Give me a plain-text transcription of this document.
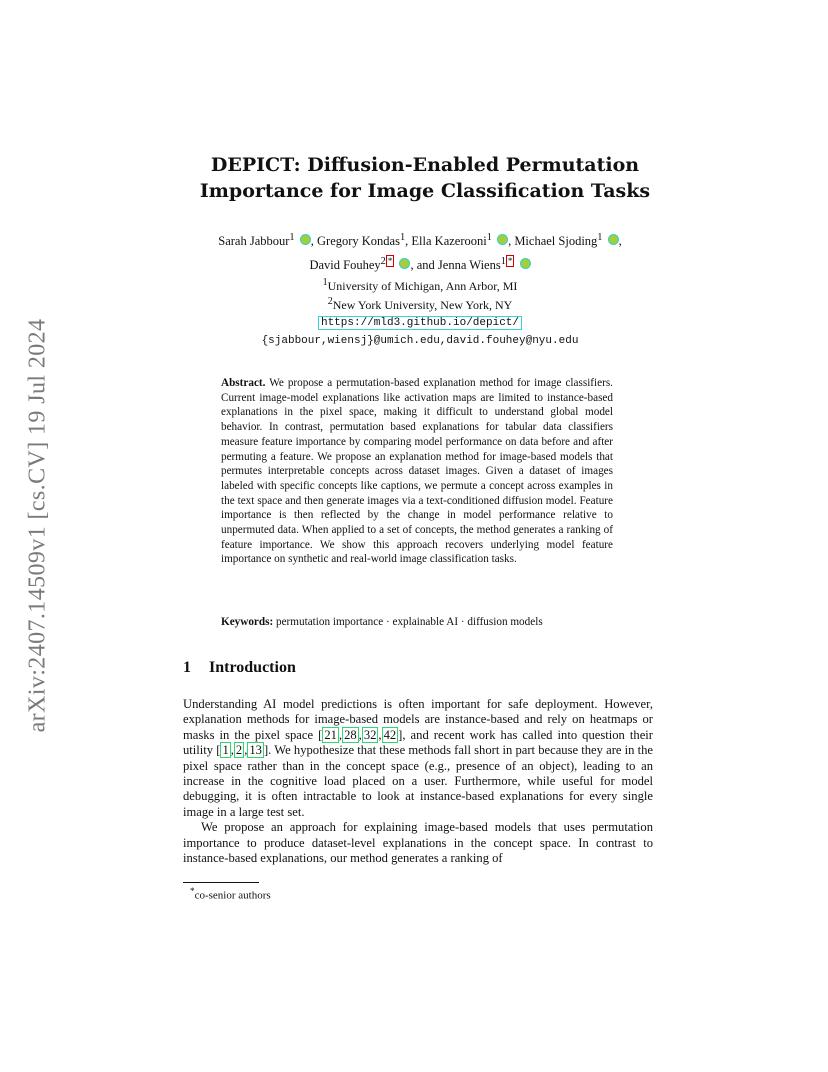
arXiv:2407.14509v1 [cs.CV] 19 Jul 2024
DEPICT: Diffusion-Enabled Permutation
Importance for Image Classification Tasks
Sarah Jabbour$^1$ , Gregory Kondas$^1$, Ella Kazerooni$^1$ , Michael Sjoding$^1$ ,
David Fouhey$^2$ * , and Jenna Wiens$^1$ *
$^1$University of Michigan, Ann Arbor, MI
$^2$New York University, New York, NY
https://mld3.github.io/depict/
{sjabbour,wiensj}@umich.edu,david.fouhey@nyu.edu
Abstract. We propose a permutation-based explanation method for image classifiers. Current image-model explanations like activation maps are limited to instance-based explanations in the pixel space, making it difficult to understand global model behavior. In contrast, permutation based explanations for tabular data classifiers measure feature importance by comparing model performance on data before and after permuting a feature. We propose an explanation method for image-based models that permutes interpretable concepts across dataset images. Given a dataset of images labeled with specific concepts like captions, we permute a concept across examples in the text space and then generate images via a text-conditioned diffusion model. Feature importance is then reflected by the change in model performance relative to unpermuted data. When applied to a set of concepts, the method generates a ranking of feature importance. We show this approach recovers underlying model feature importance on synthetic and real-world image classification tasks.
Keywords: permutation importance · explainable AI · diffusion models
1 Introduction

Understanding AI model predictions is often important for safe deployment. However, explanation methods for image-based models are instance-based and rely on heatmaps or masks in the pixel space [ 21 , 28 , 32 , 42 ], and recent work has called into question their utility [ 1 , 2 , 13 ]. We hypothesize that these methods fall short in part because they are in the pixel space rather than in the concept space (e.g., presence of an object), leading to an increase in the cognitive load placed on a user. Furthermore, while useful for model debugging, it is often intractable to look at instance-based explanations for every single image in a large test set.

We propose an approach for explaining image-based models that uses permutation importance to produce dataset-level explanations in the concept space. In contrast to instance-based explanations, our method generates a ranking of

*co-senior authors
